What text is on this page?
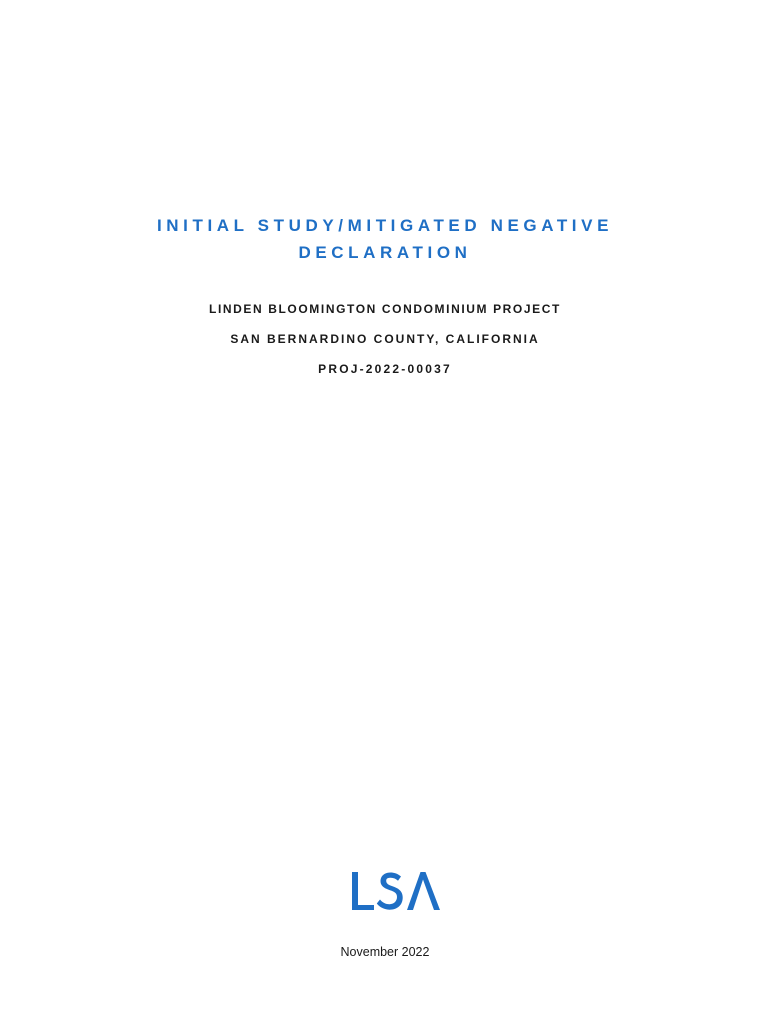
INITIAL STUDY/MITIGATED NEGATIVE
DECLARATION
LINDEN BLOOMINGTON CONDOMINIUM PROJECT
SAN BERNARDINO COUNTY, CALIFORNIA
PROJ-2022-00037
November 2022
